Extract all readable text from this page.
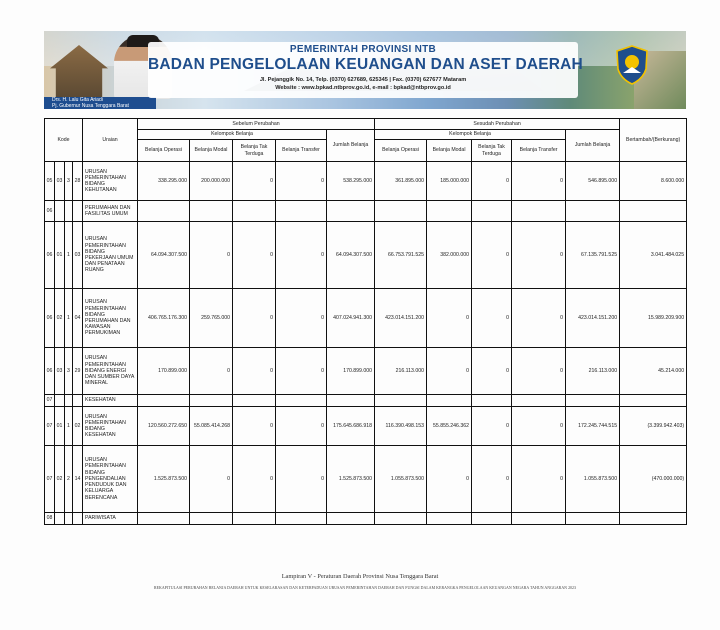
Drs. H. Lalu Gita Ariadi
Pj. Gubernur Nusa Tenggara Barat
PEMERINTAH PROVINSI NTB
BADAN PENGELOLAAN KEUANGAN DAN ASET DAERAH
Jl. Pejanggik No. 14, Telp. (0370) 627689, 625345 | Fax. (0370) 627677 Mataram
Website : www.bpkad.ntbprov.go.id, e-mail : bpkad@ntbprov.go.id
Kode				Uraian	Sebelum Perubahan					Sesudah Perubahan					Bertambah/(Berkurang)
					Kelompok Belanja				Jumlah Belanja	Kelompok Belanja				Jumlah Belanja	
					Belanja Operasi	Belanja Modal	Belanja Tak Terduga	Belanja Transfer		Belanja Operasi	Belanja Modal	Belanja Tak Terduga	Belanja Transfer		
05	03	3	28	URUSAN PEMERINTAHAN BIDANG KEHUTANAN	338.295.000	200.000.000	0	0	538.295.000	361.895.000	185.000.000	0	0	546.895.000	8.600.000
06				PERUMAHAN DAN FASILITAS UMUM											
06	01	1	03	URUSAN PEMERINTAHAN BIDANG PEKERJAAN UMUM DAN PENATAAN RUANG	64.094.307.500	0	0	0	64.094.307.500	66.753.791.525	382.000.000	0	0	67.135.791.525	3.041.484.025
06	02	1	04	URUSAN PEMERINTAHAN BIDANG PERUMAHAN DAN KAWASAN PERMUKIMAN	406.765.176.300	259.765.000	0	0	407.024.941.300	423.014.151.200	0	0	0	423.014.151.200	15.989.209.900
06	03	3	29	URUSAN PEMERINTAHAN BIDANG ENERGI DAN SUMBER DAYA MINERAL	170.899.000	0	0	0	170.899.000	216.113.000	0	0	0	216.113.000	45.214.000
07				KESEHATAN											
07	01	1	02	URUSAN PEMERINTAHAN BIDANG KESEHATAN	120.560.272.650	55.085.414.268	0	0	175.645.686.918	116.390.498.153	55.855.246.362	0	0	172.245.744.515	(3.399.942.403)
07	02	2	14	URUSAN PEMERINTAHAN BIDANG PENGENDALIAN PENDUDUK DAN KELUARGA BERENCANA	1.525.873.500	0	0	0	1.525.873.500	1.055.873.500	0	0	0	1.055.873.500	(470.000.000)
08				PARIWISATA											
Lampiran V - Peraturan Daerah Provinsi Nusa Tenggara Barat
REKAPITULASI PERUBAHAN BELANJA DAERAH UNTUK KESELARASAN DAN KETERPADUAN URUSAN PEMERINTAHAN DAERAH DAN FUNGSI DALAM KERANGKA PENGELOLAAN KEUANGAN NEGARA TAHUN ANGGARAN 2023
